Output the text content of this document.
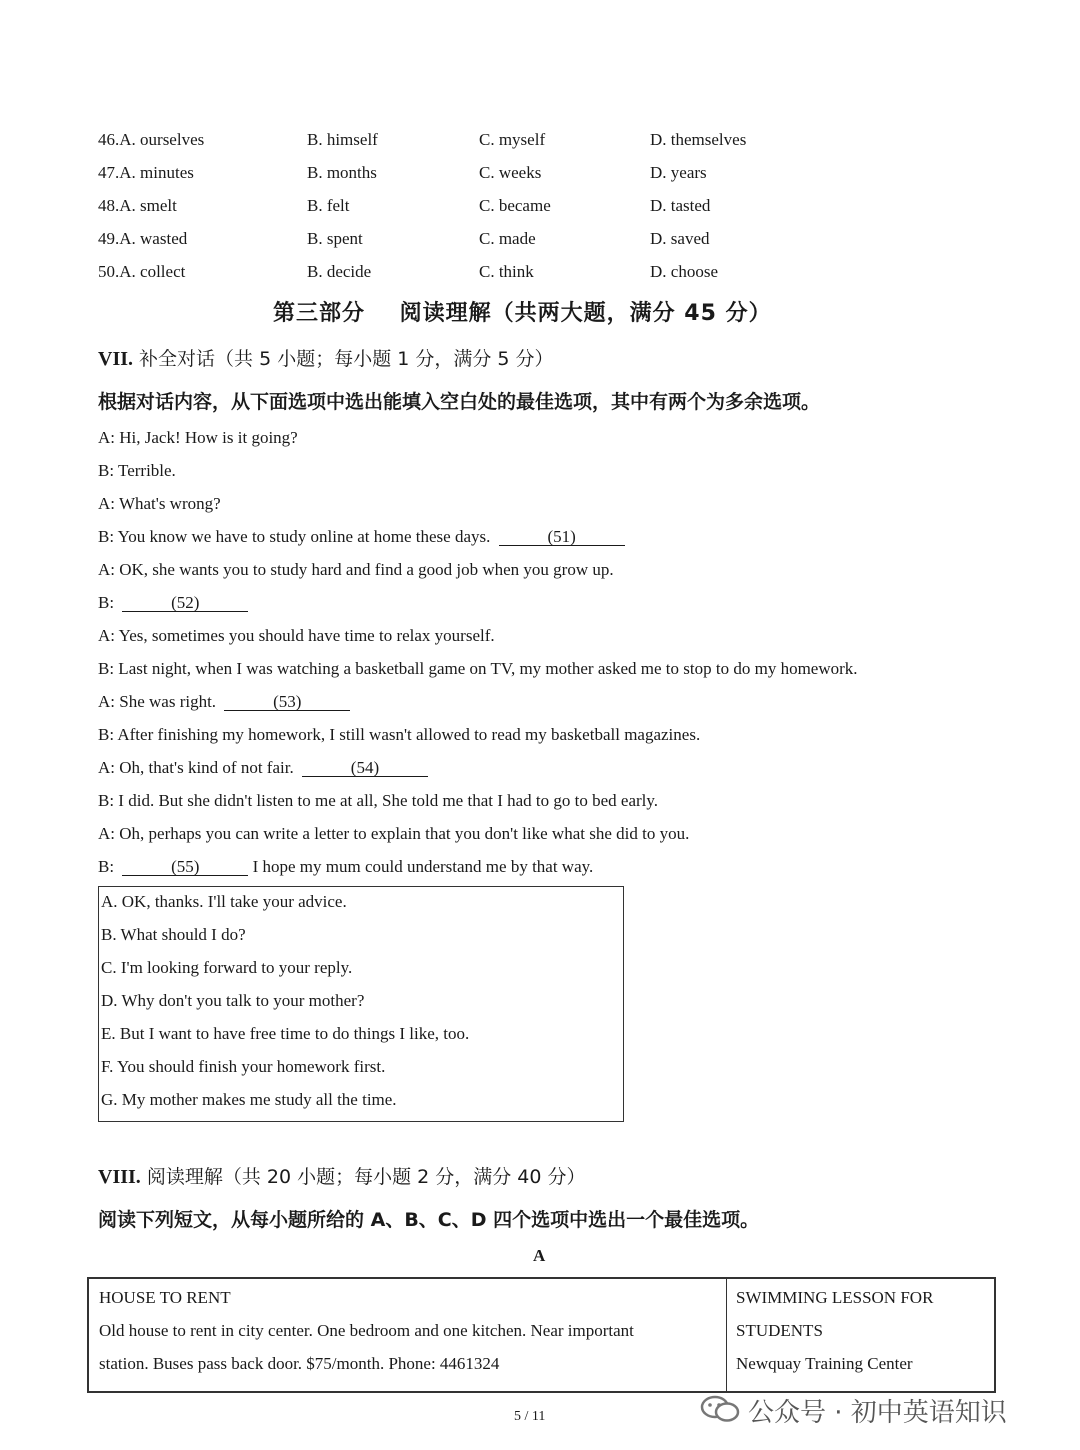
46.A. ourselves	B. himself	C. myself	D. themselves
47.A. minutes	B. months	C. weeks	D. years
48.A. smelt	B. felt	C. became	D. tasted
49.A. wasted	B. spent	C. made	D. saved
50.A. collect	B. decide	C. think	D. choose
第三部分    阅读理解（共两大题，满分 45 分）
VII. 补全对话（共 5 小题；每小题 1 分，满分 5 分）
根据对话内容，从下面选项中选出能填入空白处的最佳选项，其中有两个为多余选项。
A: Hi, Jack! How is it going?
B: Terrible.
A: What's wrong?
B: You know we have to study online at home these days.	(51)
A: OK, she wants you to study hard and find a good job when you grow up.
B:	(52)
A: Yes, sometimes you should have time to relax yourself.
B: Last night, when I was watching a basketball game on TV, my mother asked me to stop to do my homework.
A: She was right.	(53)
B: After finishing my homework, I still wasn't allowed to read my basketball magazines.
A: Oh, that's kind of not fair.	(54)
B: I did. But she didn't listen to me at all, She told me that I had to go to bed early.
A: Oh, perhaps you can write a letter to explain that you don't like what she did to you.
B:	(55)	I hope my mum could understand me by that way.
A. OK, thanks. I'll take your advice.
B. What should I do?
C. I'm looking forward to your reply.
D. Why don't you talk to your mother?
E. But I want to have free time to do things I like, too.
F. You should finish your homework first.
G. My mother makes me study all the time.
VIII. 阅读理解（共 20 小题；每小题 2 分，满分 40 分）
阅读下列短文，从每小题所给的 A、B、C、D 四个选项中选出一个最佳选项。
A
HOUSE TO RENT
Old house to rent in city center. One bedroom and one kitchen. Near important
station. Buses pass back door. $75/month. Phone: 4461324
SWIMMING LESSON FOR
STUDENTS
Newquay Training Center
5 / 11	公众号 · 初中英语知识
